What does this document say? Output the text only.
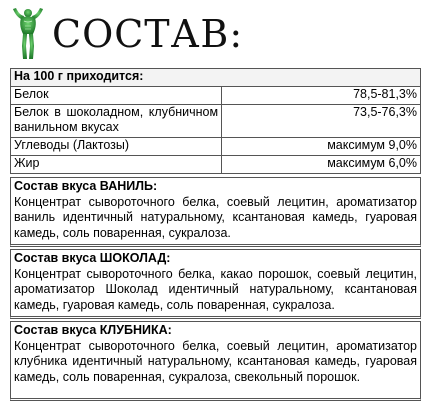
СОСТАВ:
На 100 г приходится:	
Белок	78,5-81,3%
Белок в шоколадном, клубничном ванильном вкусах	73,5-76,3%
Углеводы (Лактозы)	максимум 9,0%
Жир	максимум 6,0%
Состав вкуса ВАНИЛЬ:
Концентрат сывороточного белка, соевый лецитин, ароматизатор ваниль идентичный натуральному, ксантановая камедь, гуаровая камедь, соль поваренная, сукралоза.
Состав вкуса ШОКОЛАД:
Концентрат сывороточного белка, какао порошок, соевый лецитин, ароматизатор Шоколад идентичный натуральному, ксантановая камедь, гуаровая камедь, соль поваренная, сукралоза.
Состав вкуса КЛУБНИКА:
Концентрат сывороточного белка, соевый лецитин, ароматизатор клубника идентичный натуральному, ксантановая камедь, гуаровая камедь, соль поваренная, сукралоза, свекольный порошок.
